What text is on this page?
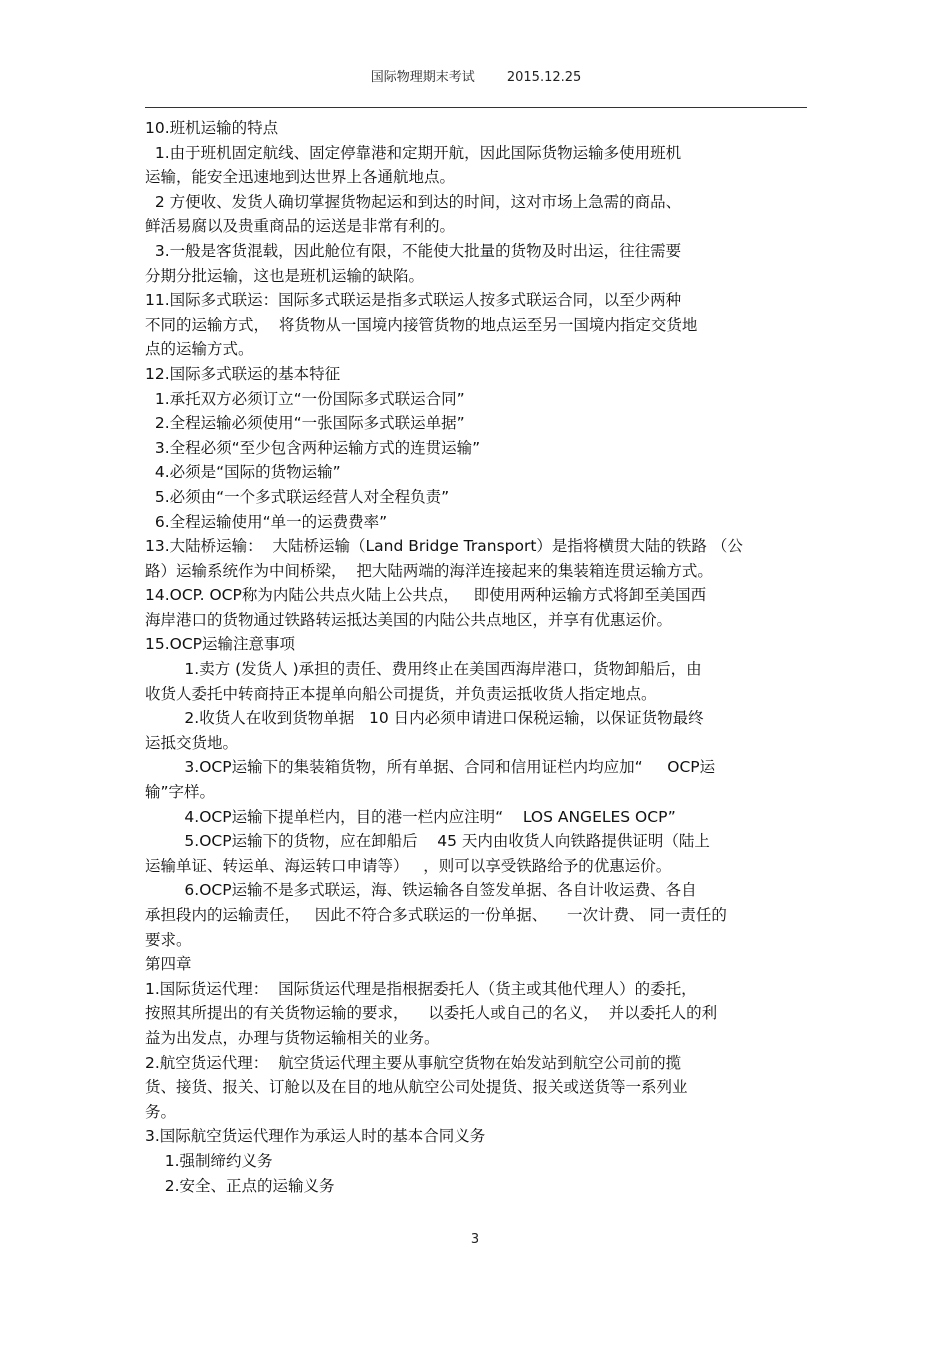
国际物理期末考试 2015.12.25
10.班机运输的特点
1.由于班机固定航线、固定停靠港和定期开航，因此国际货物运输多使用班机
运输，能安全迅速地到达世界上各通航地点。
2 方便收、发货人确切掌握货物起运和到达的时间，这对市场上急需的商品、
鲜活易腐以及贵重商品的运送是非常有利的。
3.一般是客货混载，因此舱位有限，不能使大批量的货物及时出运，往往需要
分期分批运输，这也是班机运输的缺陷。
11.国际多式联运：国际多式联运是指多式联运人按多式联运合同，以至少两种
不同的运输方式，  将货物从一国境内接管货物的地点运至另一国境内指定交货地
点的运输方式。
12.国际多式联运的基本特征
1.承托双方必须订立“一份国际多式联运合同”
2.全程运输必须使用“一张国际多式联运单据”
3.全程必须“至少包含两种运输方式的连贯运输”
4.必须是“国际的货物运输”
5.必须由“一个多式联运经营人对全程负责”
6.全程运输使用“单一的运费费率”
13.大陆桥运输：  大陆桥运输（Land Bridge Transport）是指将横贯大陆的铁路 （公
路）运输系统作为中间桥梁，  把大陆两端的海洋连接起来的集装箱连贯运输方式。
14.OCP. OCP称为内陆公共点火陆上公共点，   即使用两种运输方式将卸至美国西
海岸港口的货物通过铁路转运抵达美国的内陆公共点地区，并享有优惠运价。
15.OCP运输注意事项
1.卖方 (发货人 )承担的责任、费用终止在美国西海岸港口，货物卸船后，由
收货人委托中转商持正本提单向船公司提货，并负责运抵收货人指定地点。
2.收货人在收到货物单据   10 日内必须申请进口保税运输，以保证货物最终
运抵交货地。
3.OCP运输下的集装箱货物，所有单据、合同和信用证栏内均应加“     OCP运
输”字样。
4.OCP运输下提单栏内，目的港一栏内应注明“    LOS ANGELES OCP”
5.OCP运输下的货物，应在卸船后    45 天内由收货人向铁路提供证明（陆上
运输单证、转运单、海运转口申请等）   ，则可以享受铁路给予的优惠运价。
6.OCP运输不是多式联运，海、铁运输各自签发单据、各自计收运费、各自
承担段内的运输责任，   因此不符合多式联运的一份单据、    一次计费、 同一责任的
要求。
第四章
1.国际货运代理：  国际货运代理是指根据委托人（货主或其他代理人）的委托，
按照其所提出的有关货物运输的要求，    以委托人或自己的名义，  并以委托人的利
益为出发点，办理与货物运输相关的业务。
2.航空货运代理：  航空货运代理主要从事航空货物在始发站到航空公司前的揽
货、接货、报关、订舱以及在目的地从航空公司处提货、报关或送货等一系列业
务。
3.国际航空货运代理作为承运人时的基本合同义务
1.强制缔约义务
2.安全、正点的运输义务
3
